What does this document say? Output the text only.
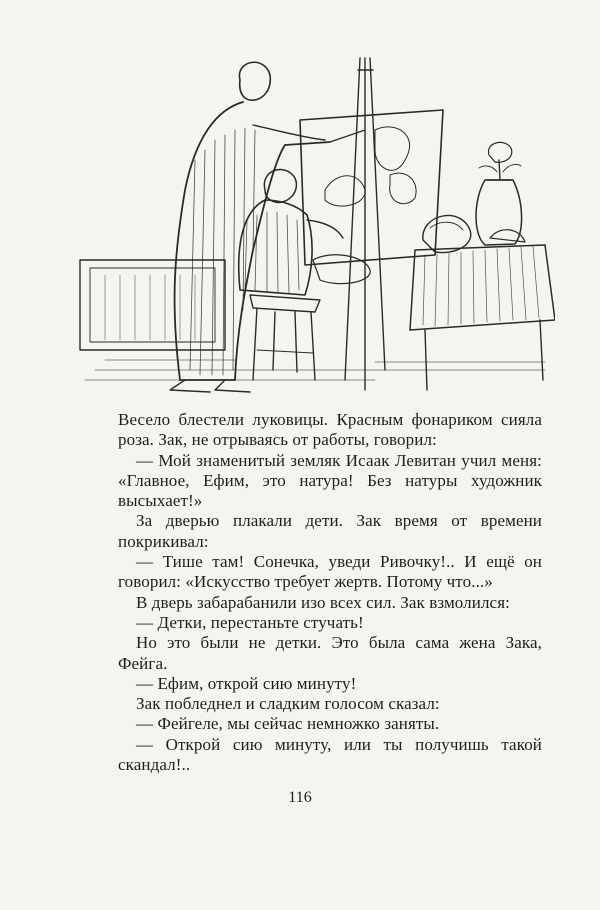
Весело блестели луковицы. Красным фонариком сияла роза. Зак, не отрываясь от работы, говорил:

— Мой знаменитый земляк Исаак Левитан учил меня: «Главное, Ефим, это натура! Без натуры художник высыхает!»

За дверью плакали дети. Зак время от времени покрикивал:

— Тише там! Сонечка, уведи Ривочку!.. И ещё он говорил: «Искусство требует жертв. Потому что...»

В дверь забарабанили изо всех сил. Зак взмолился:

— Детки, перестаньте стучать!

Но это были не детки. Это была сама жена Зака, Фейга.

— Ефим, открой сию минуту!

Зак побледнел и сладким голосом сказал:

— Фейгеле, мы сейчас немножко заняты.

— Открой сию минуту, или ты получишь такой скандал!..

116
